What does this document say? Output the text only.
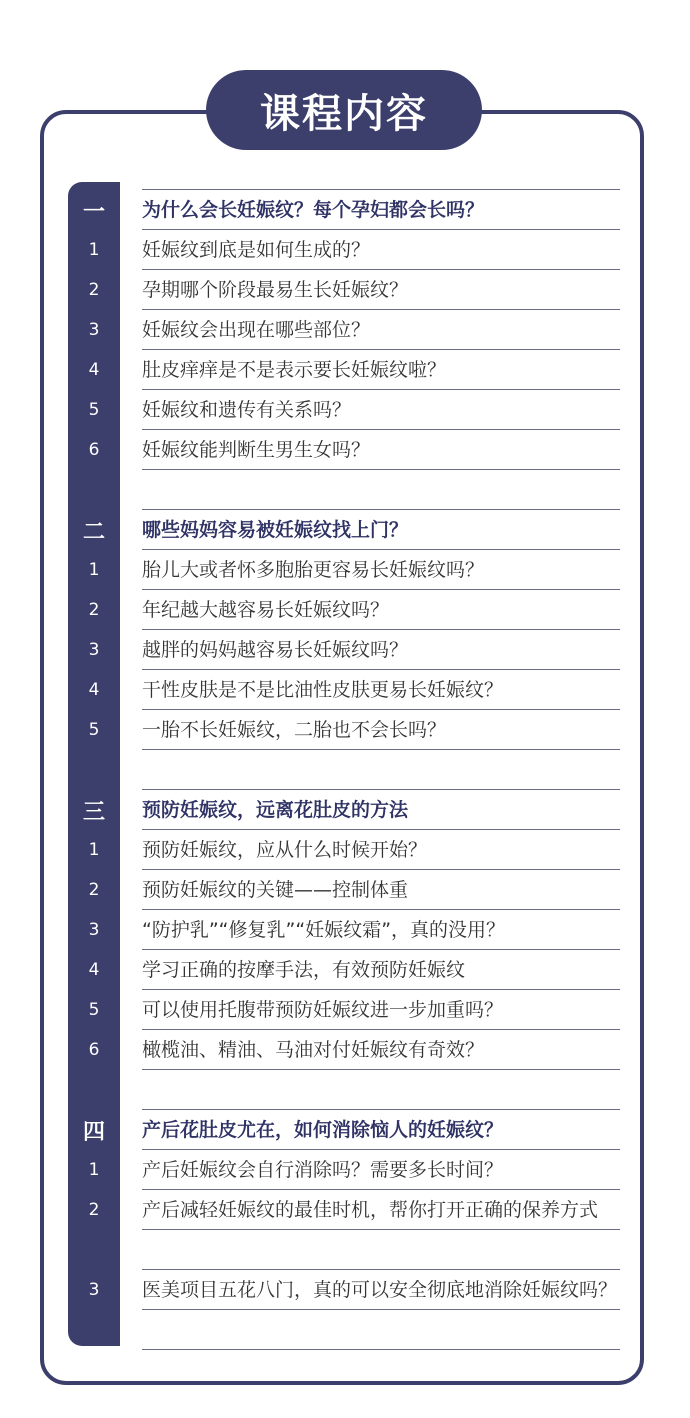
课程内容
一	为什么会长妊娠纹？每个孕妇都会长吗？
1	妊娠纹到底是如何生成的？
2	孕期哪个阶段最易生长妊娠纹？
3	妊娠纹会出现在哪些部位？
4	肚皮痒痒是不是表示要长妊娠纹啦？
5	妊娠纹和遗传有关系吗？
6	妊娠纹能判断生男生女吗？
二	哪些妈妈容易被妊娠纹找上门？
1	胎儿大或者怀多胞胎更容易长妊娠纹吗？
2	年纪越大越容易长妊娠纹吗？
3	越胖的妈妈越容易长妊娠纹吗？
4	干性皮肤是不是比油性皮肤更易长妊娠纹？
5	一胎不长妊娠纹，二胎也不会长吗？
三	预防妊娠纹，远离花肚皮的方法
1	预防妊娠纹，应从什么时候开始？
2	预防妊娠纹的关键——控制体重
3	“防护乳”“修复乳”“妊娠纹霜”，真的没用？
4	学习正确的按摩手法，有效预防妊娠纹
5	可以使用托腹带预防妊娠纹进一步加重吗？
6	橄榄油、精油、马油对付妊娠纹有奇效？
四	产后花肚皮尤在，如何消除恼人的妊娠纹？
1	产后妊娠纹会自行消除吗？需要多长时间？
2	产后减轻妊娠纹的最佳时机，帮你打开正确的保养方式
3	医美项目五花八门，真的可以安全彻底地消除妊娠纹吗？
